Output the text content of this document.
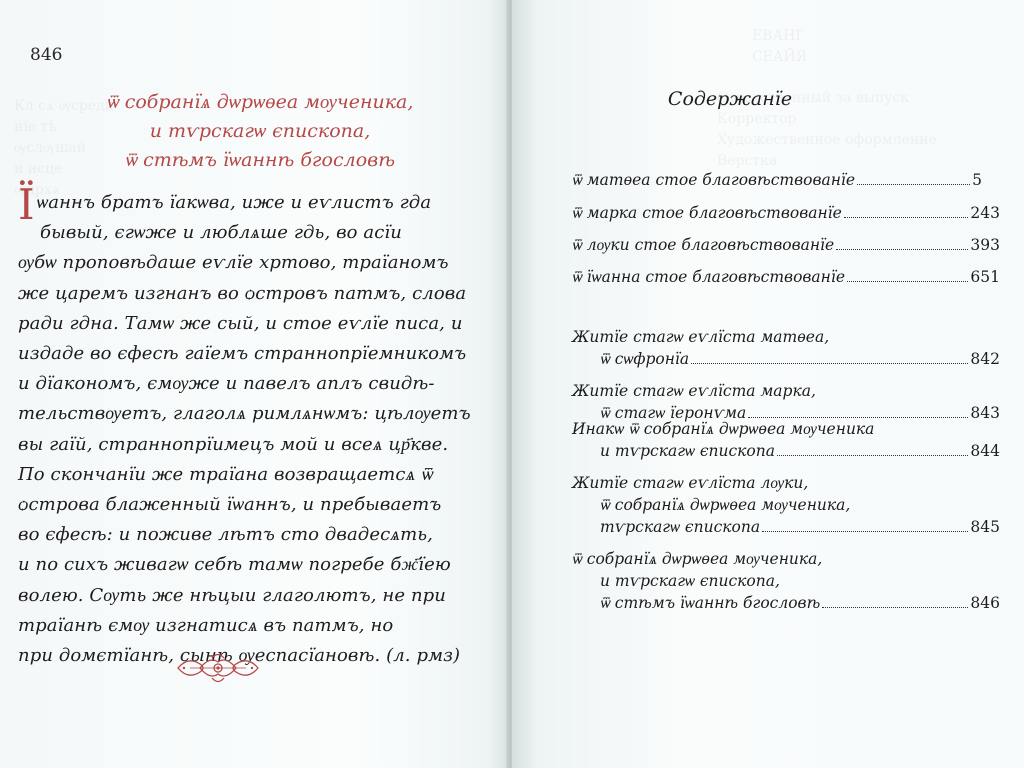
846
ѿ собранїѧ дѡрѡѳеа мѹченика,
и тѵрскагѡ єпископа,
ѿ стѣмъ ïѡаннѣ бгословѣ
Ï ѡаннъ братъ ïакѡва, иже и еѵлистъ гда
бывый, єгѡже и люблѧше гдь, во асїи
ѹбѡ проповѣдаше еѵлїе хртово, траїаномъ
же царемъ изгнанъ во ѻстровъ патмъ, слова
ради гдна. Тамѡ же сый, и стое еѵлїе писа, и
издаде во єфесѣ гаїемъ страннопрїемникомъ
и дїакономъ, ємѹже и павелъ аплъ свидѣ-
тельствѹетъ, глаголѧ римлѧнѡмъ: цѣлѹетъ
вы гаїй, страннопрїимецъ мой и всеѧ цр҃кве.
По скончанїи же траїана возвращаетсѧ ѿ
ѻстрова блаженный ïѡаннъ, и пребываетъ
во єфесѣ: и поживе лѣтъ сто двадесѧть,
и по сихъ живагѡ себѣ тамѡ погребе бж҃їею
волею. Сѹть же нѣцыи глаголютъ, не при
траїанѣ ємѹ изгнатисѧ въ патмъ, но
при домєтїанѣ, сынѣ ѹеспасїановѣ. (л. рмз)
Содержанїе
ѿ матѳеа стое благовѣствованїе	5
ѿ марка стое благовѣствованїе	243
ѿ лѹки стое благовѣствованїе	393
ѿ ïѡанна стое благовѣствованїе	651
Житїе стагѡ еѵлїста матѳеа,
ѿ сѡфронїа	842
Житїе стагѡ еѵлїста марка,
ѿ стагѡ ïеронѵма	843
Инакѡ ѿ собранїѧ дѡрѡѳеа мѹченика
и тѵрскагѡ єпископа	844
Житїе стагѡ еѵлїста лѹки,
ѿ собранїѧ дѡрѡѳеа мѹченика,
тѵрскагѡ єпископа	845
ѿ собранїѧ дѡрѡѳеа мѹченика,
и тѵрскагѡ єпископа,
ѿ стѣмъ ïѡаннѣ бгословѣ	846
